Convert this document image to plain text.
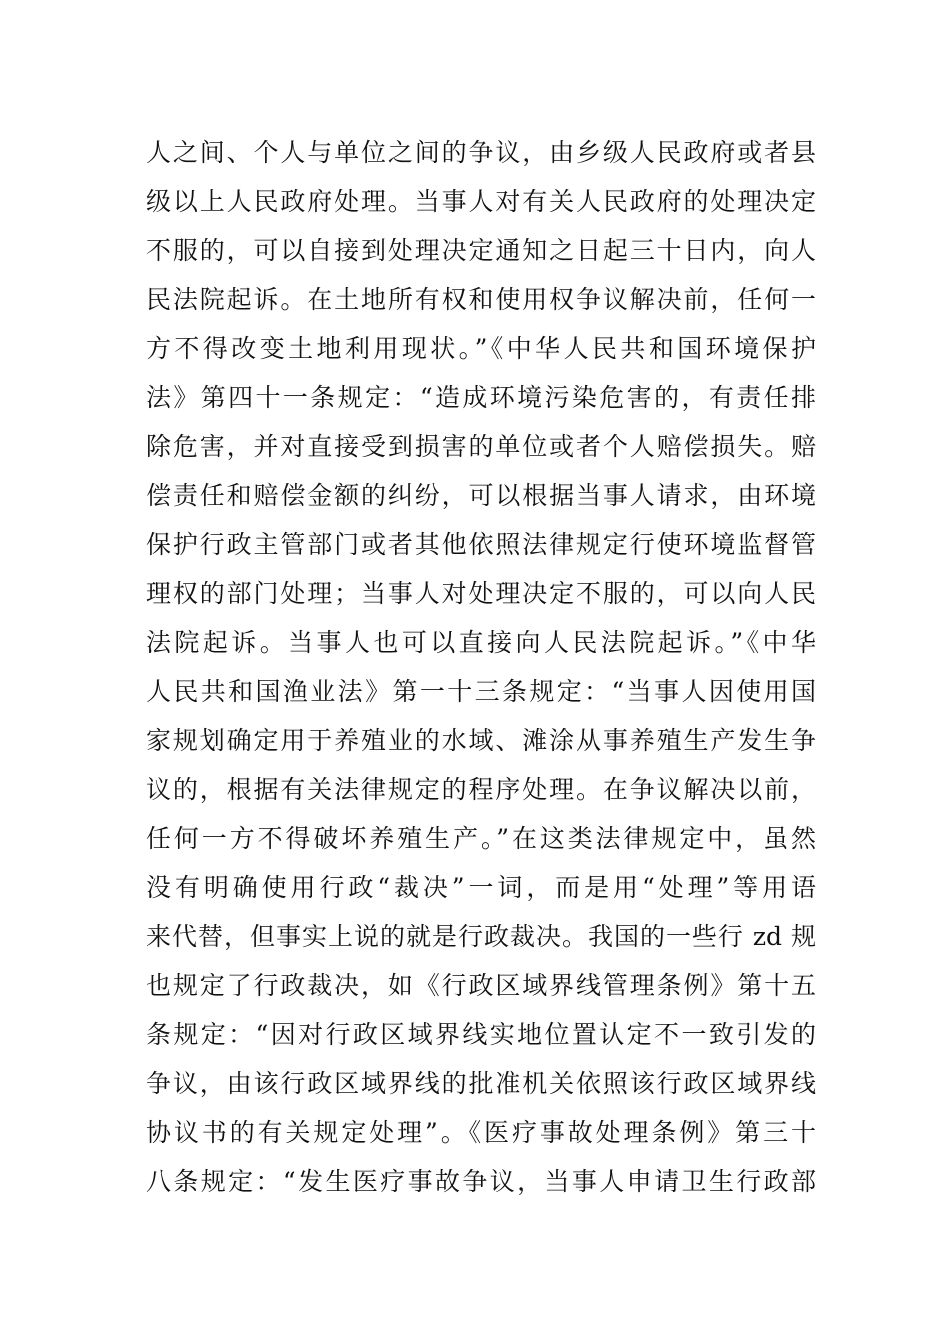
人之间、个人与单位之间的争议，由乡级人民政府或者县
级以上人民政府处理。当事人对有关人民政府的处理决定
不服的，可以自接到处理决定通知之日起三十日内，向人
民法院起诉。在土地所有权和使用权争议解决前，任何一
方不得改变土地利用现状。”《中华人民共和国环境保护
法》第四十一条规定：“造成环境污染危害的，有责任排
除危害，并对直接受到损害的单位或者个人赔偿损失。赔
偿责任和赔偿金额的纠纷，可以根据当事人请求，由环境
保护行政主管部门或者其他依照法律规定行使环境监督管
理权的部门处理；当事人对处理决定不服的，可以向人民
法院起诉。当事人也可以直接向人民法院起诉。”《中华
人民共和国渔业法》第一十三条规定：“当事人因使用国
家规划确定用于养殖业的水域、滩涂从事养殖生产发生争
议的，根据有关法律规定的程序处理。在争议解决以前，
任何一方不得破坏养殖生产。”在这类法律规定中，虽然
没有明确使用行政“裁决”一词，而是用“处理”等用语
来代替，但事实上说的就是行政裁决。我国的一些行 zd 规
也规定了行政裁决，如《行政区域界线管理条例》第十五
条规定：“因对行政区域界线实地位置认定不一致引发的
争议，由该行政区域界线的批准机关依照该行政区域界线
协议书的有关规定处理”。《医疗事故处理条例》第三十
八条规定：“发生医疗事故争议，当事人申请卫生行政部
